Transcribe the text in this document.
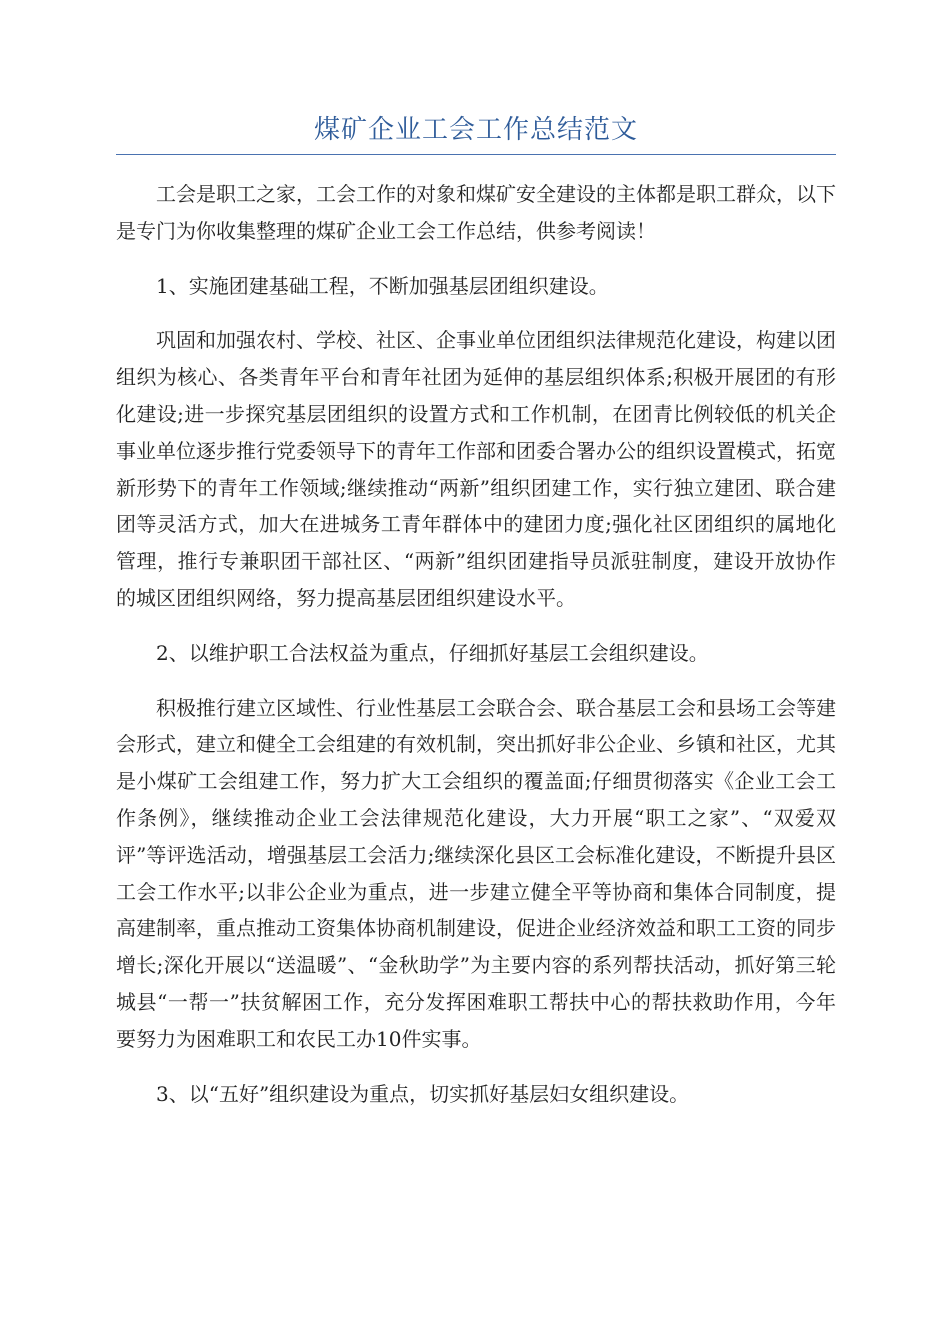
煤矿企业工会工作总结范文

工会是职工之家，工会工作的对象和煤矿安全建设的主体都是职工群众，以下是专门为你收集整理的煤矿企业工会工作总结，供参考阅读！

1、实施团建基础工程，不断加强基层团组织建设。

巩固和加强农村、学校、社区、企事业单位团组织法律规范化建设，构建以团组织为核心、各类青年平台和青年社团为延伸的基层组织体系;积极开展团的有形化建设;进一步探究基层团组织的设置方式和工作机制，在团青比例较低的机关企事业单位逐步推行党委领导下的青年工作部和团委合署办公的组织设置模式，拓宽新形势下的青年工作领域;继续推动“两新”组织团建工作，实行独立建团、联合建团等灵活方式，加大在进城务工青年群体中的建团力度;强化社区团组织的属地化管理，推行专兼职团干部社区、“两新”组织团建指导员派驻制度，建设开放协作的城区团组织网络，努力提高基层团组织建设水平。

2、以维护职工合法权益为重点，仔细抓好基层工会组织建设。

积极推行建立区域性、行业性基层工会联合会、联合基层工会和县场工会等建会形式，建立和健全工会组建的有效机制，突出抓好非公企业、乡镇和社区，尤其是小煤矿工会组建工作，努力扩大工会组织的覆盖面;仔细贯彻落实《企业工会工作条例》，继续推动企业工会法律规范化建设，大力开展“职工之家”、“双爱双评”等评选活动，增强基层工会活力;继续深化县区工会标准化建设，不断提升县区工会工作水平;以非公企业为重点，进一步建立健全平等协商和集体合同制度，提高建制率，重点推动工资集体协商机制建设，促进企业经济效益和职工工资的同步增长;深化开展以“送温暖”、“金秋助学”为主要内容的系列帮扶活动，抓好第三轮城县“一帮一”扶贫解困工作，充分发挥困难职工帮扶中心的帮扶救助作用，今年要努力为困难职工和农民工办10件实事。

3、以“五好”组织建设为重点，切实抓好基层妇女组织建设。
